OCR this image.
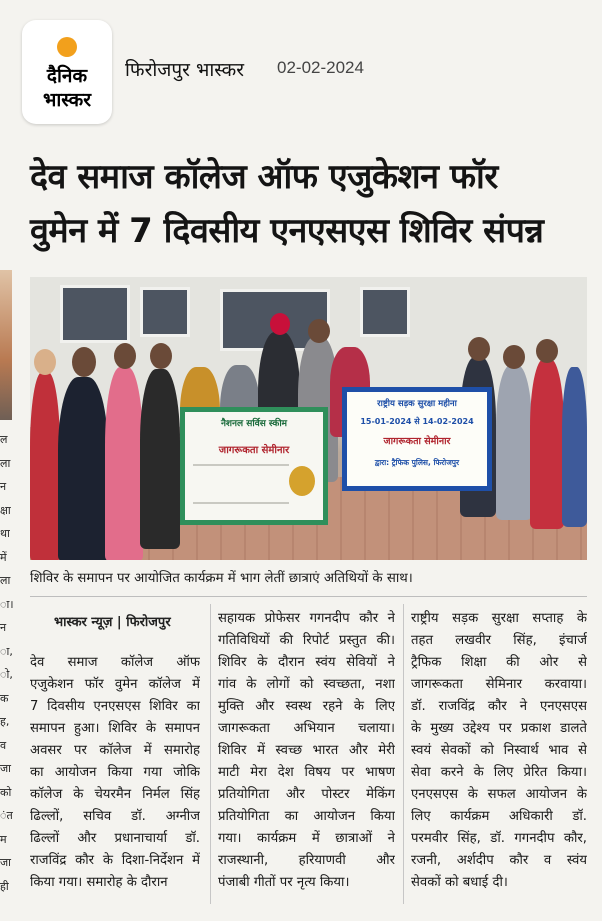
दैनिक
भास्कर
फिरोजपुर भास्कर 02-02-2024
ल
ला
न
क्षा
था
में
ला
ा।
न
ा,
ो,
क
ह,
व
जा
को
ंत
म
जा
ही
देव समाज कॉलेज ऑफ एजुकेशन फॉर
वुमेन में 7 दिवसीय एनएसएस शिविर संपन्न
नैशनल सर्विस स्कीम
जागरूकता सेमीनार
राष्ट्रीय सड़क सुरक्षा महीना
15-01-2024 से 14-02-2024
जागरूकता सेमीनार
द्वारा: ट्रैफिक पुलिस, फिरोजपुर
शिविर के समापन पर आयोजित कार्यक्रम में भाग लेतीं छात्राएं अतिथियों के साथ।
भास्कर न्यूज़ | फिरोजपुर
देव समाज कॉलेज ऑफ
एजुकेशन फॉर वुमेन कॉलेज में
7 दिवसीय एनएसएस शिविर का
समापन हुआ। शिविर के समापन
अवसर पर कॉलेज में समारोह
का आयोजन किया गया जोकि
कॉलेज के चेयरमैन निर्मल सिंह
ढिल्लों, सचिव डॉ. अग्नीज
ढिल्लों और प्रधानाचार्या डॉ.
राजविंद्र कौर के दिशा-निर्देशन में
किया गया। समारोह के दौरान
सहायक प्रोफेसर गगनदीप कौर ने
गतिविधियों की रिपोर्ट प्रस्तुत की।
शिविर के दौरान स्वंय सेवियों ने
गांव के लोगों को स्वच्छता, नशा
मुक्ति और स्वस्थ रहने के लिए
जागरूकता अभियान चलाया।
शिविर में स्वच्छ भारत और मेरी
माटी मेरा देश विषय पर भाषण
प्रतियोगिता और पोस्टर मेकिंग
प्रतियोगिता का आयोजन किया
गया। कार्यक्रम में छात्राओं ने
राजस्थानी, हरियाणवी और
पंजाबी गीतों पर नृत्य किया।
राष्ट्रीय सड़क सुरक्षा सप्ताह के
तहत लखवीर सिंह, इंचार्ज
ट्रैफिक शिक्षा की ओर से
जागरूकता सेमिनार करवाया।
डॉ. राजविंद्र कौर ने एनएसएस
के मुख्य उद्देश्य पर प्रकाश डालते
स्वयं सेवकों को निस्वार्थ भाव से
सेवा करने के लिए प्रेरित किया।
एनएसएस के सफल आयोजन के
लिए कार्यक्रम अधिकारी डॉ.
परमवीर सिंह, डॉ. गगनदीप कौर,
रजनी, अर्शदीप कौर व स्वंय
सेवकों को बधाई दी।
